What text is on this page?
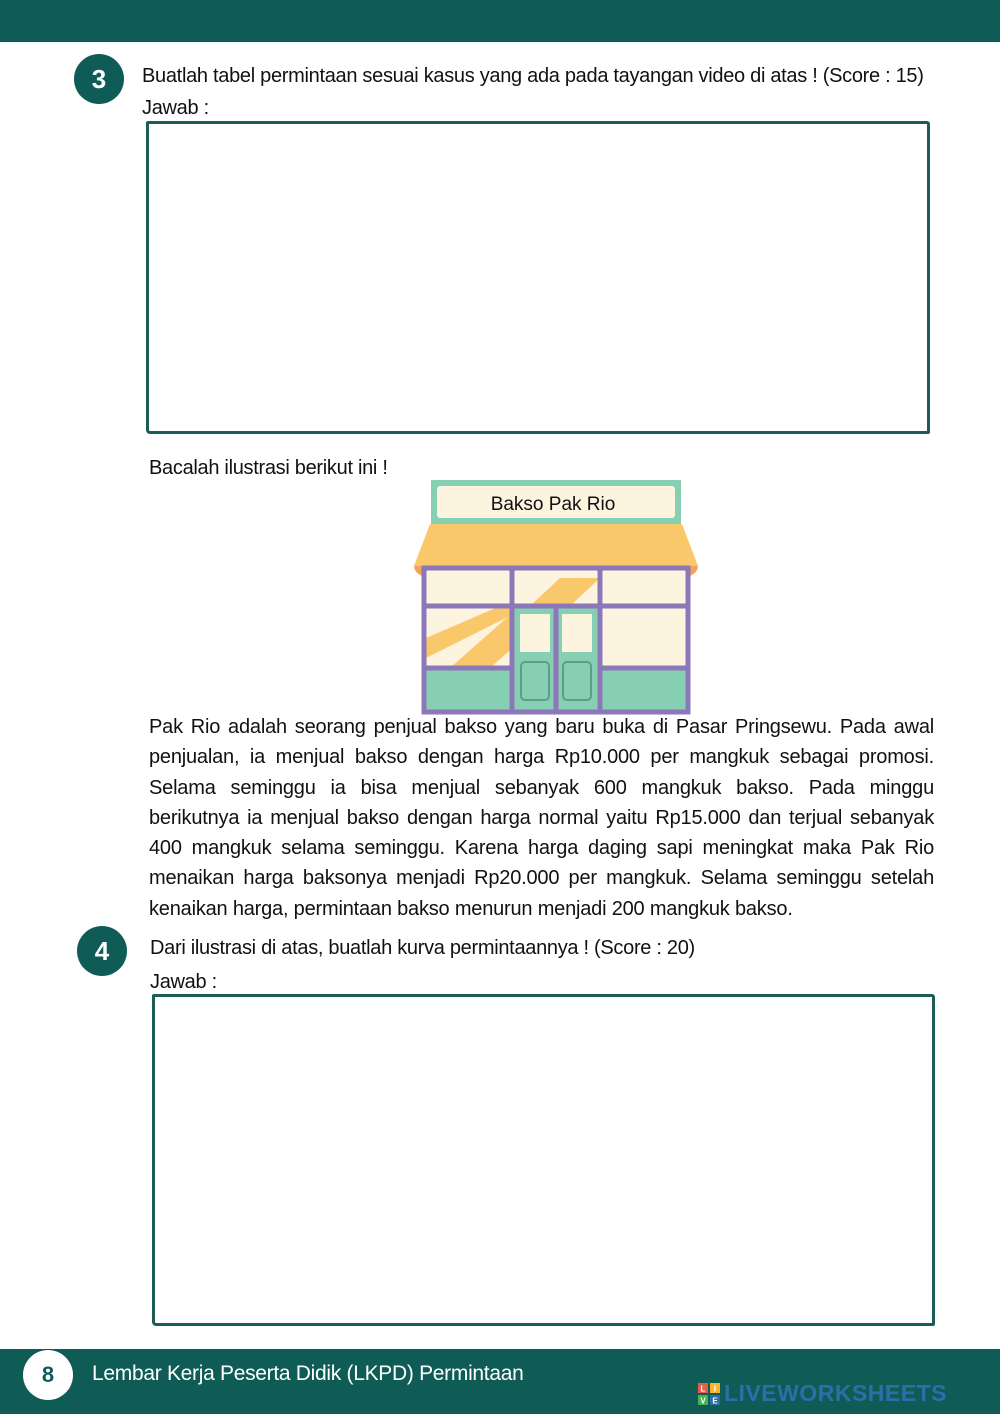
3 Buatlah tabel permintaan sesuai kasus yang ada pada tayangan video di atas ! (Score : 15)
Jawab :
Bacalah ilustrasi berikut ini !
Bakso Pak Rio
Pak Rio adalah seorang penjual bakso yang baru buka di Pasar Pringsewu. Pada awal penjualan, ia menjual bakso dengan harga Rp10.000 per mangkuk sebagai promosi. Selama seminggu ia bisa menjual sebanyak 600 mangkuk bakso. Pada minggu berikutnya ia menjual bakso dengan harga normal yaitu Rp15.000 dan terjual sebanyak 400 mangkuk selama seminggu. Karena harga daging sapi meningkat maka Pak Rio menaikan harga baksonya menjadi Rp20.000 per mangkuk. Selama seminggu setelah kenaikan harga, permintaan bakso menurun menjadi 200 mangkuk bakso.
4 Dari ilustrasi di atas, buatlah kurva permintaannya ! (Score : 20)
Jawab :
8 Lembar Kerja Peserta Didik (LKPD) Permintaan
L I
V E LIVEWORKSHEETS
